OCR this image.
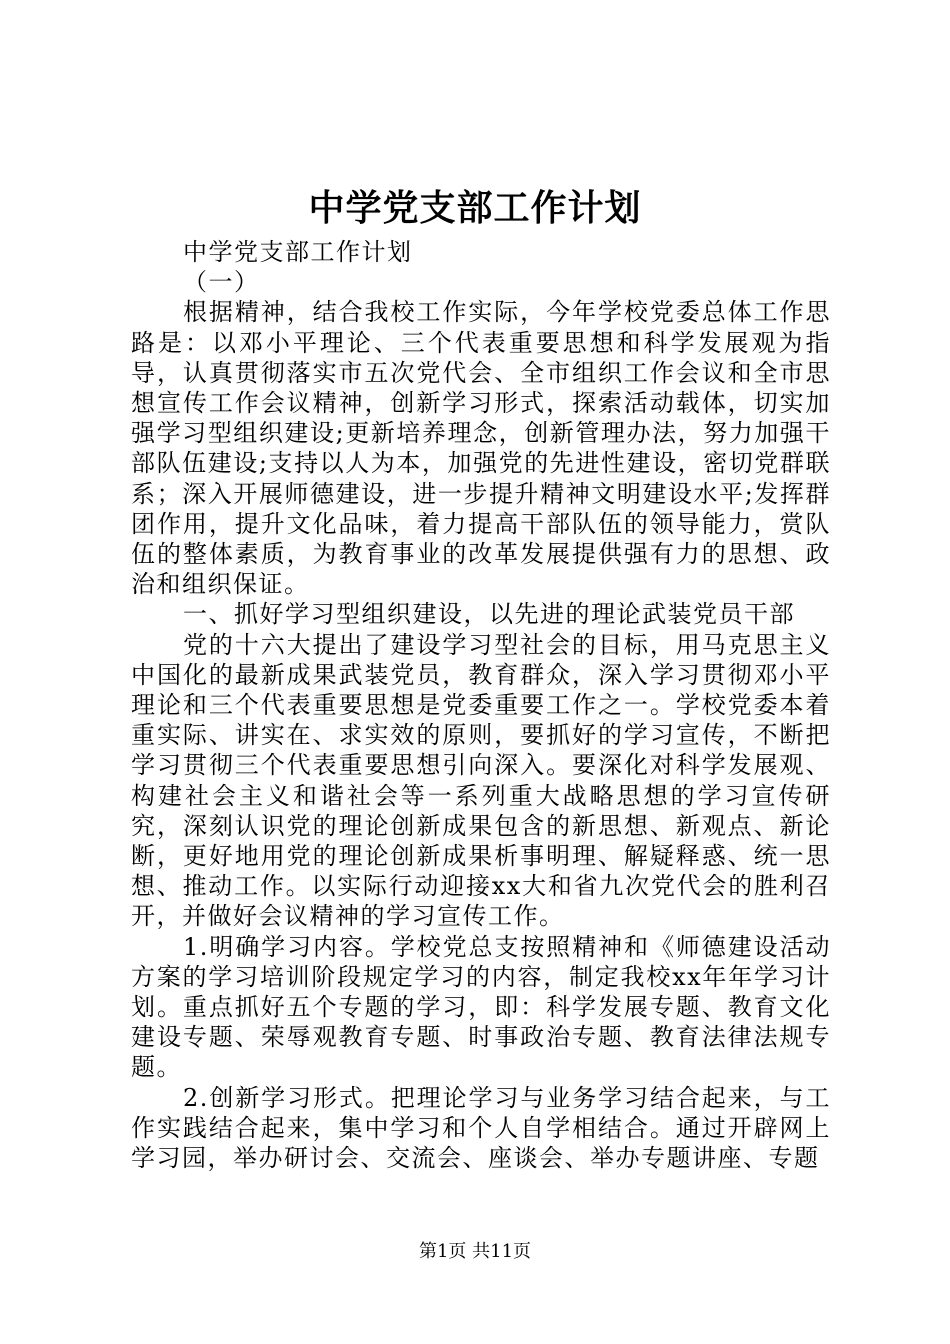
中学党支部工作计划

中学党支部工作计划

（一）

根据精神，结合我校工作实际，今年学校党委总体工作思路是：以邓小平理论、三个代表重要思想和科学发展观为指导，认真贯彻落实市五次党代会、全市组织工作会议和全市思想宣传工作会议精神，创新学习形式，探索活动载体，切实加强学习型组织建设;更新培养理念，创新管理办法，努力加强干部队伍建设;支持以人为本，加强党的先进性建设，密切党群联系；深入开展师德建设，进一步提升精神文明建设水平;发挥群团作用，提升文化品味，着力提高干部队伍的领导能力，赏队伍的整体素质，为教育事业的改革发展提供强有力的思想、政治和组织保证。

一、抓好学习型组织建设，以先进的理论武装党员干部

党的十六大提出了建设学习型社会的目标，用马克思主义中国化的最新成果武装党员，教育群众，深入学习贯彻邓小平理论和三个代表重要思想是党委重要工作之一。学校党委本着重实际、讲实在、求实效的原则，要抓好的学习宣传，不断把学习贯彻三个代表重要思想引向深入。要深化对科学发展观、构建社会主义和谐社会等一系列重大战略思想的学习宣传研究，深刻认识党的理论创新成果包含的新思想、新观点、新论断，更好地用党的理论创新成果析事明理、解疑释惑、统一思想、推动工作。以实际行动迎接xx大和省九次党代会的胜利召开，并做好会议精神的学习宣传工作。

1.明确学习内容。学校党总支按照精神和《师德建设活动方案的学习培训阶段规定学习的内容，制定我校xx年年学习计划。重点抓好五个专题的学习，即：科学发展专题、教育文化建设专题、荣辱观教育专题、时事政治专题、教育法律法规专题。

2.创新学习形式。把理论学习与业务学习结合起来，与工作实践结合起来，集中学习和个人自学相结合。通过开辟网上学习园，举办研讨会、交流会、座谈会、举办专题讲座、专题

第1页 共11页
